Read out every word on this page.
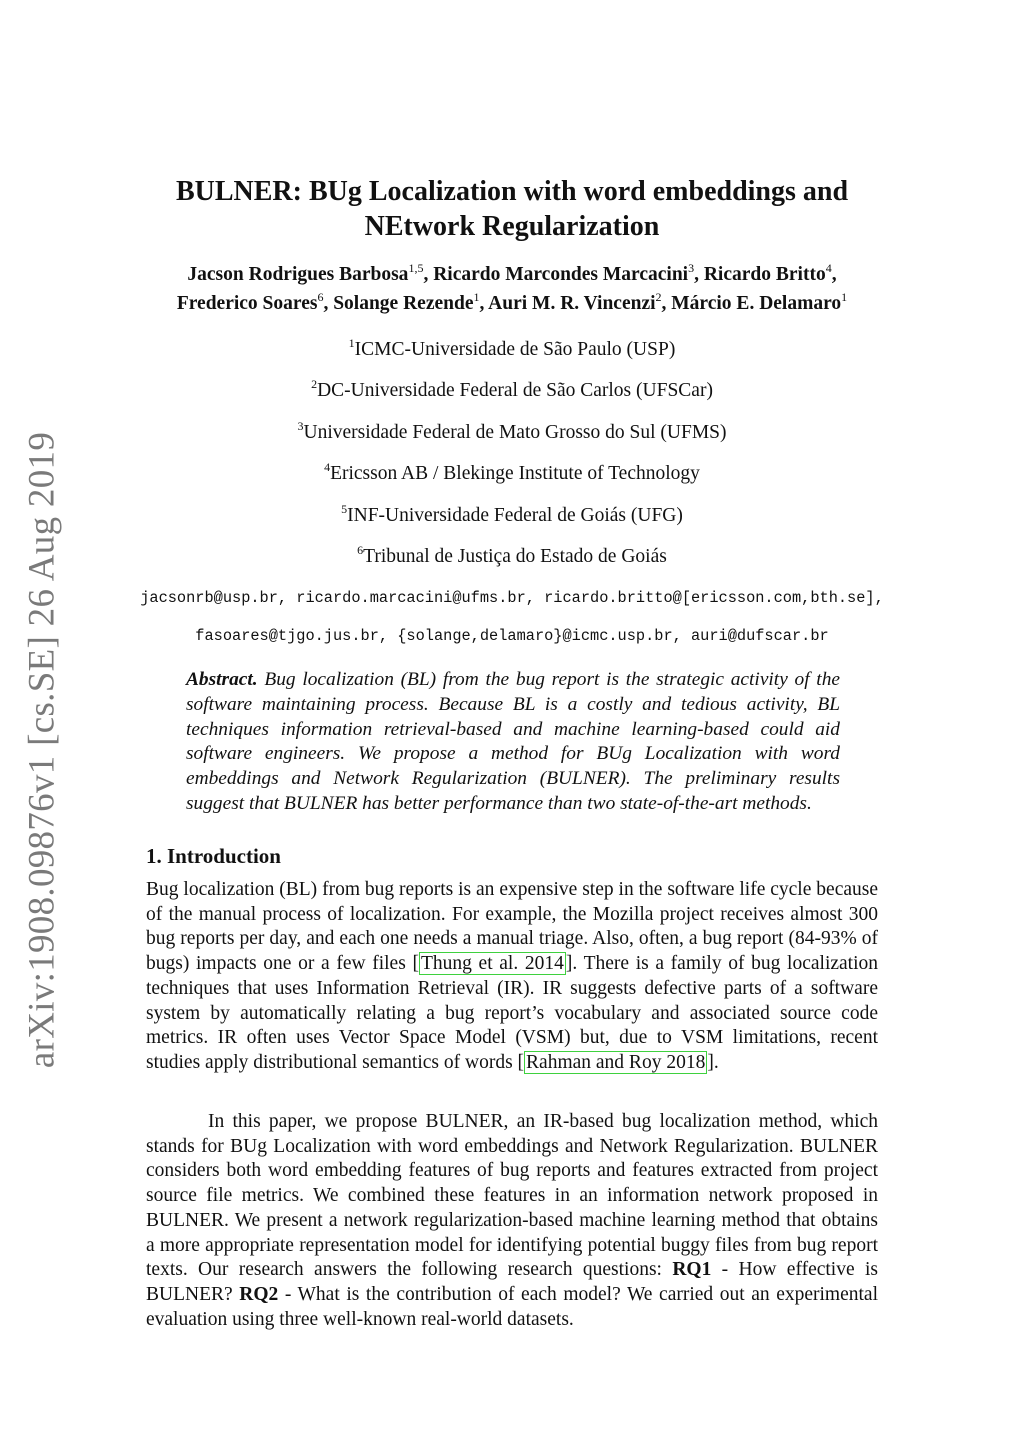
arXiv:1908.09876v1 [cs.SE] 26 Aug 2019
BULNER: BUg Localization with word embeddings and
NEtwork Regularization
Jacson Rodrigues Barbosa$^{1,5}$, Ricardo Marcondes Marcacini$^3$, Ricardo Britto$^4$,
Frederico Soares$^6$, Solange Rezende$^1$, Auri M. R. Vincenzi$^2$, Márcio E. Delamaro$^1$
$^1$ICMC-Universidade de São Paulo (USP)
$^2$DC-Universidade Federal de São Carlos (UFSCar)
$^3$Universidade Federal de Mato Grosso do Sul (UFMS)
$^4$Ericsson AB / Blekinge Institute of Technology
$^5$INF-Universidade Federal de Goiás (UFG)
$^6$Tribunal de Justiça do Estado de Goiás
jacsonrb@usp.br, ricardo.marcacini@ufms.br, ricardo.britto@[ericsson.com,bth.se],
fasoares@tjgo.jus.br, {solange,delamaro}@icmc.usp.br, auri@dufscar.br
Abstract. Bug localization (BL) from the bug report is the strategic activity of the software maintaining process. Because BL is a costly and tedious activity, BL techniques information retrieval-based and machine learning-based could aid software engineers. We propose a method for BUg Localization with word embeddings and Network Regularization (BULNER). The preliminary results suggest that BULNER has better performance than two state-of-the-art methods.
1. Introduction
Bug localization (BL) from bug reports is an expensive step in the software life cycle because of the manual process of localization. For example, the Mozilla project receives almost 300 bug reports per day, and each one needs a manual triage. Also, often, a bug report (84-93% of bugs) impacts one or a few files [ Thung et al. 2014 ]. There is a family of bug localization techniques that uses Information Retrieval (IR). IR suggests defective parts of a software system by automatically relating a bug report’s vocabulary and associated source code metrics. IR often uses Vector Space Model (VSM) but, due to VSM limitations, recent studies apply distributional semantics of words [ Rahman and Roy 2018 ].
In this paper, we propose BULNER, an IR-based bug localization method, which stands for BUg Localization with word embeddings and Network Regularization. BULNER considers both word embedding features of bug reports and features extracted from project source file metrics. We combined these features in an information network proposed in BULNER. We present a network regularization-based machine learning method that obtains a more appropriate representation model for identifying potential buggy files from bug report texts. Our research answers the following research questions: RQ1 - How effective is BULNER? RQ2 - What is the contribution of each model? We carried out an experimental evaluation using three well-known real-world datasets.
